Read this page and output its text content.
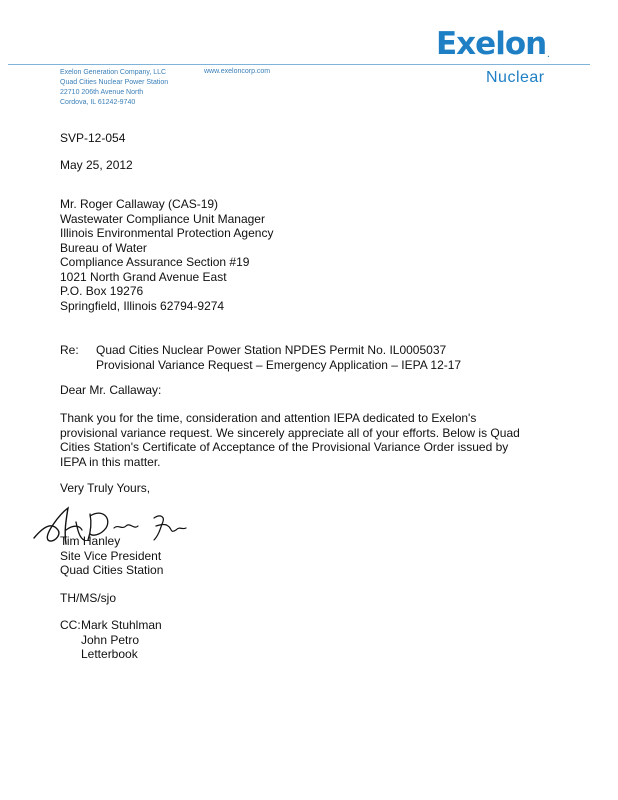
Exelon.
Nuclear
Exelon Generation Company, LLC
Quad Cities Nuclear Power Station
22710 206th Avenue North
Cordova, IL 61242-9740
www.exeloncorp.com
SVP-12-054
May 25, 2012
Mr. Roger Callaway (CAS-19)
Wastewater Compliance Unit Manager
Illinois Environmental Protection Agency
Bureau of Water
Compliance Assurance Section #19
1021 North Grand Avenue East
P.O. Box 19276
Springfield, Illinois 62794-9274
Re: Quad Cities Nuclear Power Station NPDES Permit No. IL0005037
Provisional Variance Request – Emergency Application – IEPA 12-17
Dear Mr. Callaway:
Thank you for the time, consideration and attention IEPA dedicated to Exelon's
provisional variance request. We sincerely appreciate all of your efforts. Below is Quad
Cities Station's Certificate of Acceptance of the Provisional Variance Order issued by
IEPA in this matter.
Very Truly Yours,
Tim Hanley
Site Vice President
Quad Cities Station
TH/MS/sjo
CC: Mark Stuhlman
John Petro
Letterbook
